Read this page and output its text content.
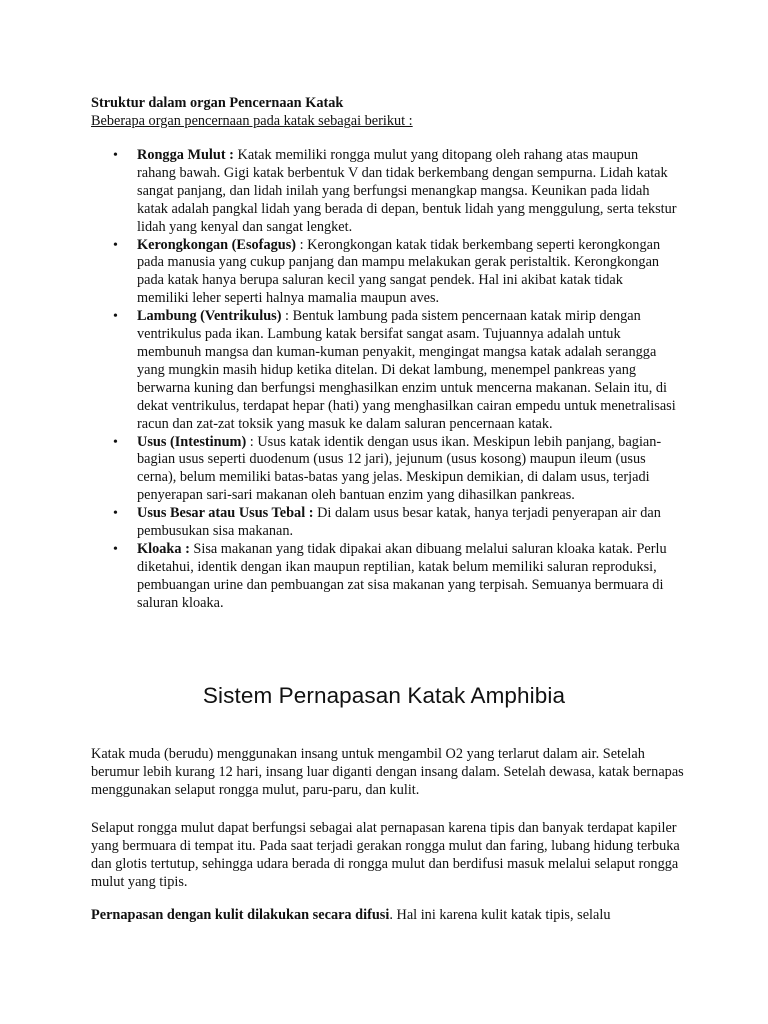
Struktur dalam organ Pencernaan Katak
Beberapa organ pencernaan pada katak sebagai berikut :
• Rongga Mulut : Katak memiliki rongga mulut yang ditopang oleh rahang atas maupun rahang bawah. Gigi katak berbentuk V dan tidak berkembang dengan sempurna. Lidah katak sangat panjang, dan lidah inilah yang berfungsi menangkap mangsa. Keunikan pada lidah katak adalah pangkal lidah yang berada di depan, bentuk lidah yang menggulung, serta tekstur lidah yang kenyal dan sangat lengket.
• Kerongkongan (Esofagus) : Kerongkongan katak tidak berkembang seperti kerongkongan pada manusia yang cukup panjang dan mampu melakukan gerak peristaltik. Kerongkongan pada katak hanya berupa saluran kecil yang sangat pendek. Hal ini akibat katak tidak memiliki leher seperti halnya mamalia maupun aves.
• Lambung (Ventrikulus) : Bentuk lambung pada sistem pencernaan katak mirip dengan ventrikulus pada ikan. Lambung katak bersifat sangat asam. Tujuannya adalah untuk membunuh mangsa dan kuman-kuman penyakit, mengingat mangsa katak adalah serangga yang mungkin masih hidup ketika ditelan. Di dekat lambung, menempel pankreas yang berwarna kuning dan berfungsi menghasilkan enzim untuk mencerna makanan. Selain itu, di dekat ventrikulus, terdapat hepar (hati) yang menghasilkan cairan empedu untuk menetralisasi racun dan zat-zat toksik yang masuk ke dalam saluran pencernaan katak.
• Usus (Intestinum) : Usus katak identik dengan usus ikan. Meskipun lebih panjang, bagian-bagian usus seperti duodenum (usus 12 jari), jejunum (usus kosong) maupun ileum (usus cerna), belum memiliki batas-batas yang jelas. Meskipun demikian, di dalam usus, terjadi penyerapan sari-sari makanan oleh bantuan enzim yang dihasilkan pankreas.
• Usus Besar atau Usus Tebal : Di dalam usus besar katak, hanya terjadi penyerapan air dan pembusukan sisa makanan.
• Kloaka : Sisa makanan yang tidak dipakai akan dibuang melalui saluran kloaka katak. Perlu diketahui, identik dengan ikan maupun reptilian, katak belum memiliki saluran reproduksi, pembuangan urine dan pembuangan zat sisa makanan yang terpisah. Semuanya bermuara di saluran kloaka.
Sistem Pernapasan Katak Amphibia

Katak muda (berudu) menggunakan insang untuk mengambil O2 yang terlarut dalam air. Setelah berumur lebih kurang 12 hari, insang luar diganti dengan insang dalam. Setelah dewasa, katak bernapas menggunakan selaput rongga mulut, paru-paru, dan kulit.

Selaput rongga mulut dapat berfungsi sebagai alat pernapasan karena tipis dan banyak terdapat kapiler yang bermuara di tempat itu. Pada saat terjadi gerakan rongga mulut dan faring, lubang hidung terbuka dan glotis tertutup, sehingga udara berada di rongga mulut dan berdifusi masuk melalui selaput rongga mulut yang tipis.

Pernapasan dengan kulit dilakukan secara difusi. Hal ini karena kulit katak tipis, selalu
